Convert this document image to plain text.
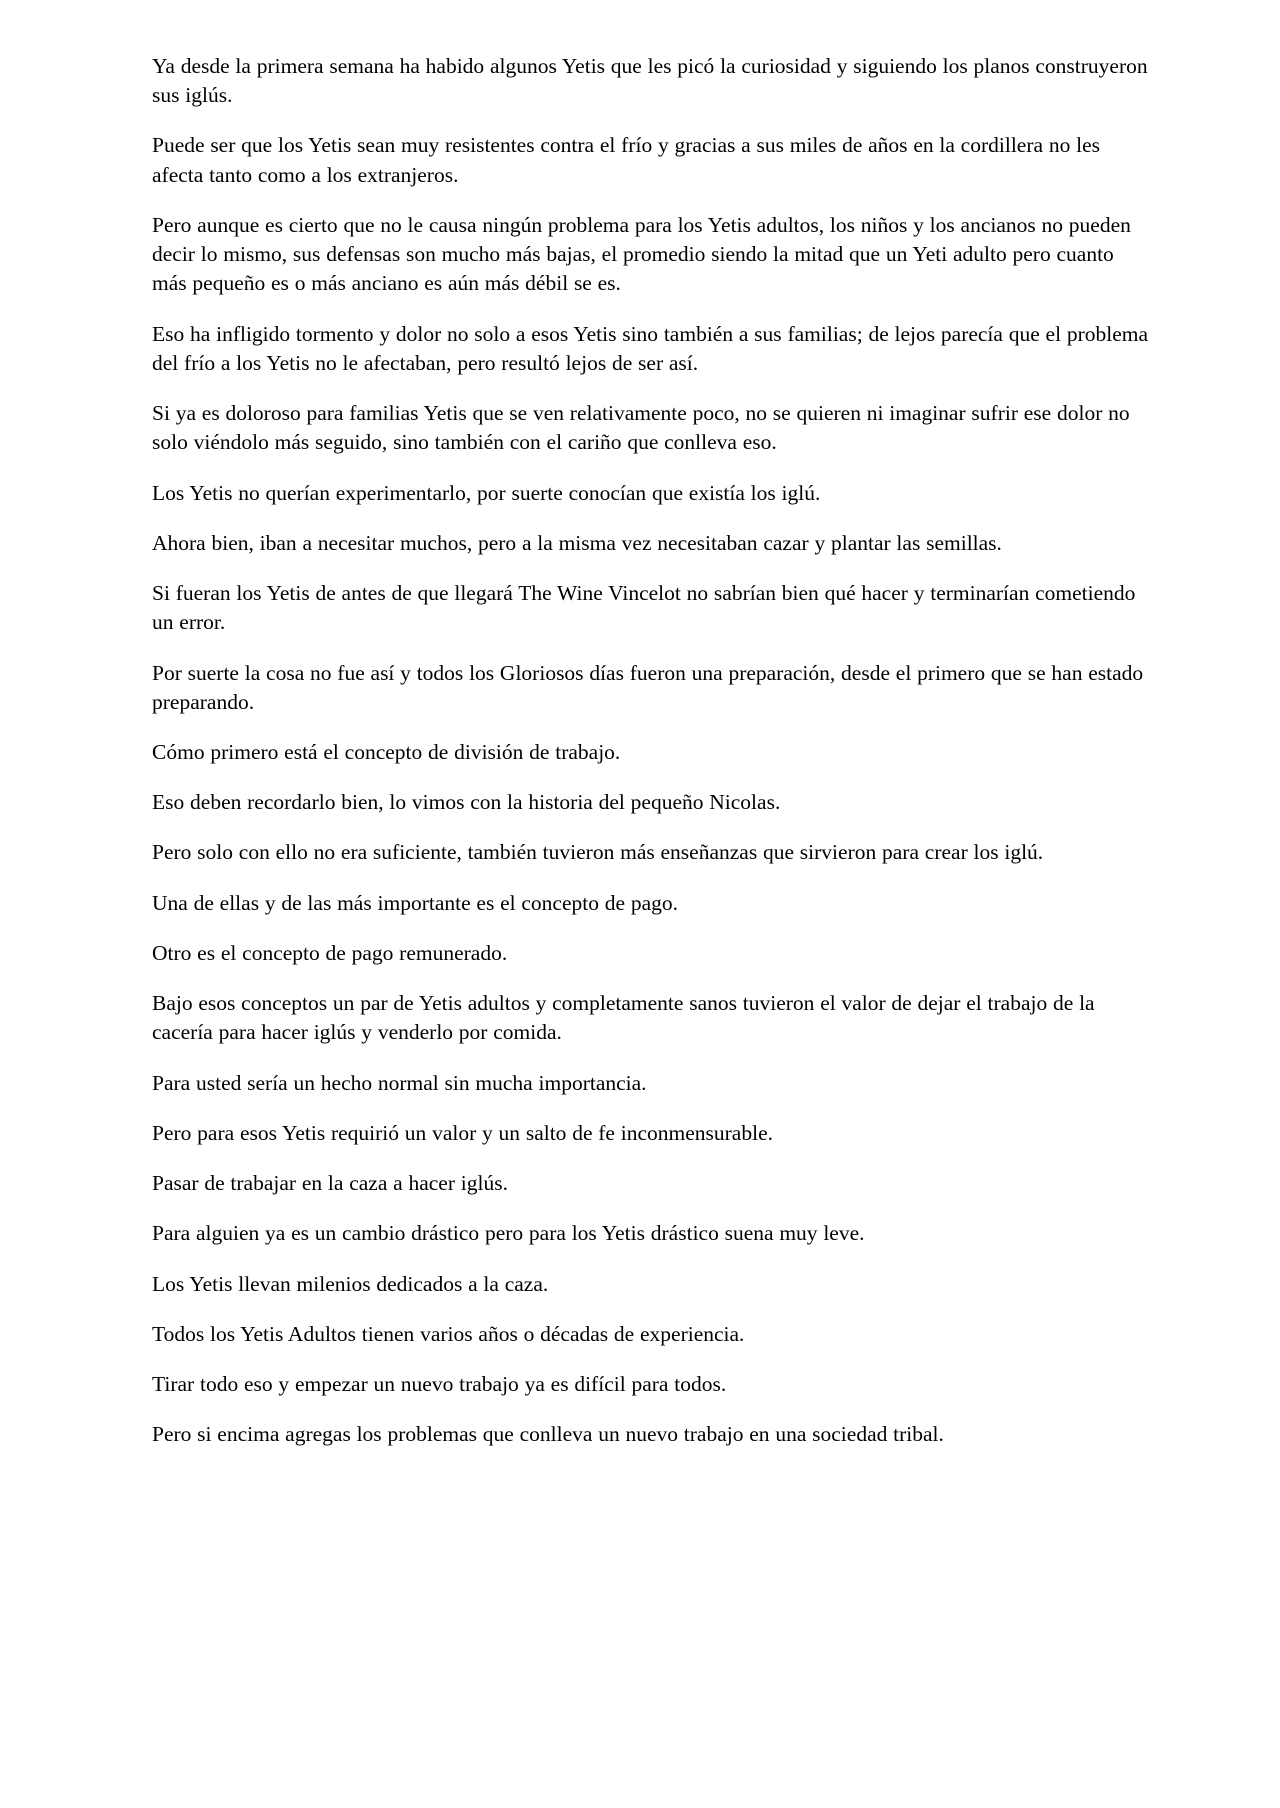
Ya desde la primera semana ha habido algunos Yetis que les picó la curiosidad y siguiendo los planos construyeron sus iglús.

Puede ser que los Yetis sean muy resistentes contra el frío y gracias a sus miles de años en la cordillera no les afecta tanto como a los extranjeros.

Pero aunque es cierto que no le causa ningún problema para los Yetis adultos, los niños y los ancianos no pueden decir lo mismo, sus defensas son mucho más bajas, el promedio siendo la mitad que un Yeti adulto pero cuanto más pequeño es o más anciano es aún más débil se es.

Eso ha infligido tormento y dolor no solo a esos Yetis sino también a sus familias; de lejos parecía que el problema del frío a los Yetis no le afectaban, pero resultó lejos de ser así.

Si ya es doloroso para familias Yetis que se ven relativamente poco, no se quieren ni imaginar sufrir ese dolor no solo viéndolo más seguido, sino también con el cariño que conlleva eso.

Los Yetis no querían experimentarlo, por suerte conocían que existía los iglú.

Ahora bien, iban a necesitar muchos, pero a la misma vez necesitaban cazar y plantar las semillas.

Si fueran los Yetis de antes de que llegará The Wine Vincelot no sabrían bien qué hacer y terminarían cometiendo un error.

Por suerte la cosa no fue así y todos los Gloriosos días fueron una preparación, desde el primero que se han estado preparando.

Cómo primero está el concepto de división de trabajo.

Eso deben recordarlo bien, lo vimos con la historia del pequeño Nicolas.

Pero solo con ello no era suficiente, también tuvieron más enseñanzas que sirvieron para crear los iglú.

Una de ellas y de las más importante es el concepto de pago.

Otro es el concepto de pago remunerado.

Bajo esos conceptos un par de Yetis adultos y completamente sanos tuvieron el valor de dejar el trabajo de la cacería para hacer iglús y venderlo por comida.

Para usted sería un hecho normal sin mucha importancia.

Pero para esos Yetis requirió un valor y un salto de fe inconmensurable.

Pasar de trabajar en la caza a hacer iglús.

Para alguien ya es un cambio drástico pero para los Yetis drástico suena muy leve.

Los Yetis llevan milenios dedicados a la caza.

Todos los Yetis Adultos tienen varios años o décadas de experiencia.

Tirar todo eso y empezar un nuevo trabajo ya es difícil para todos.

Pero si encima agregas los problemas que conlleva un nuevo trabajo en una sociedad tribal.
